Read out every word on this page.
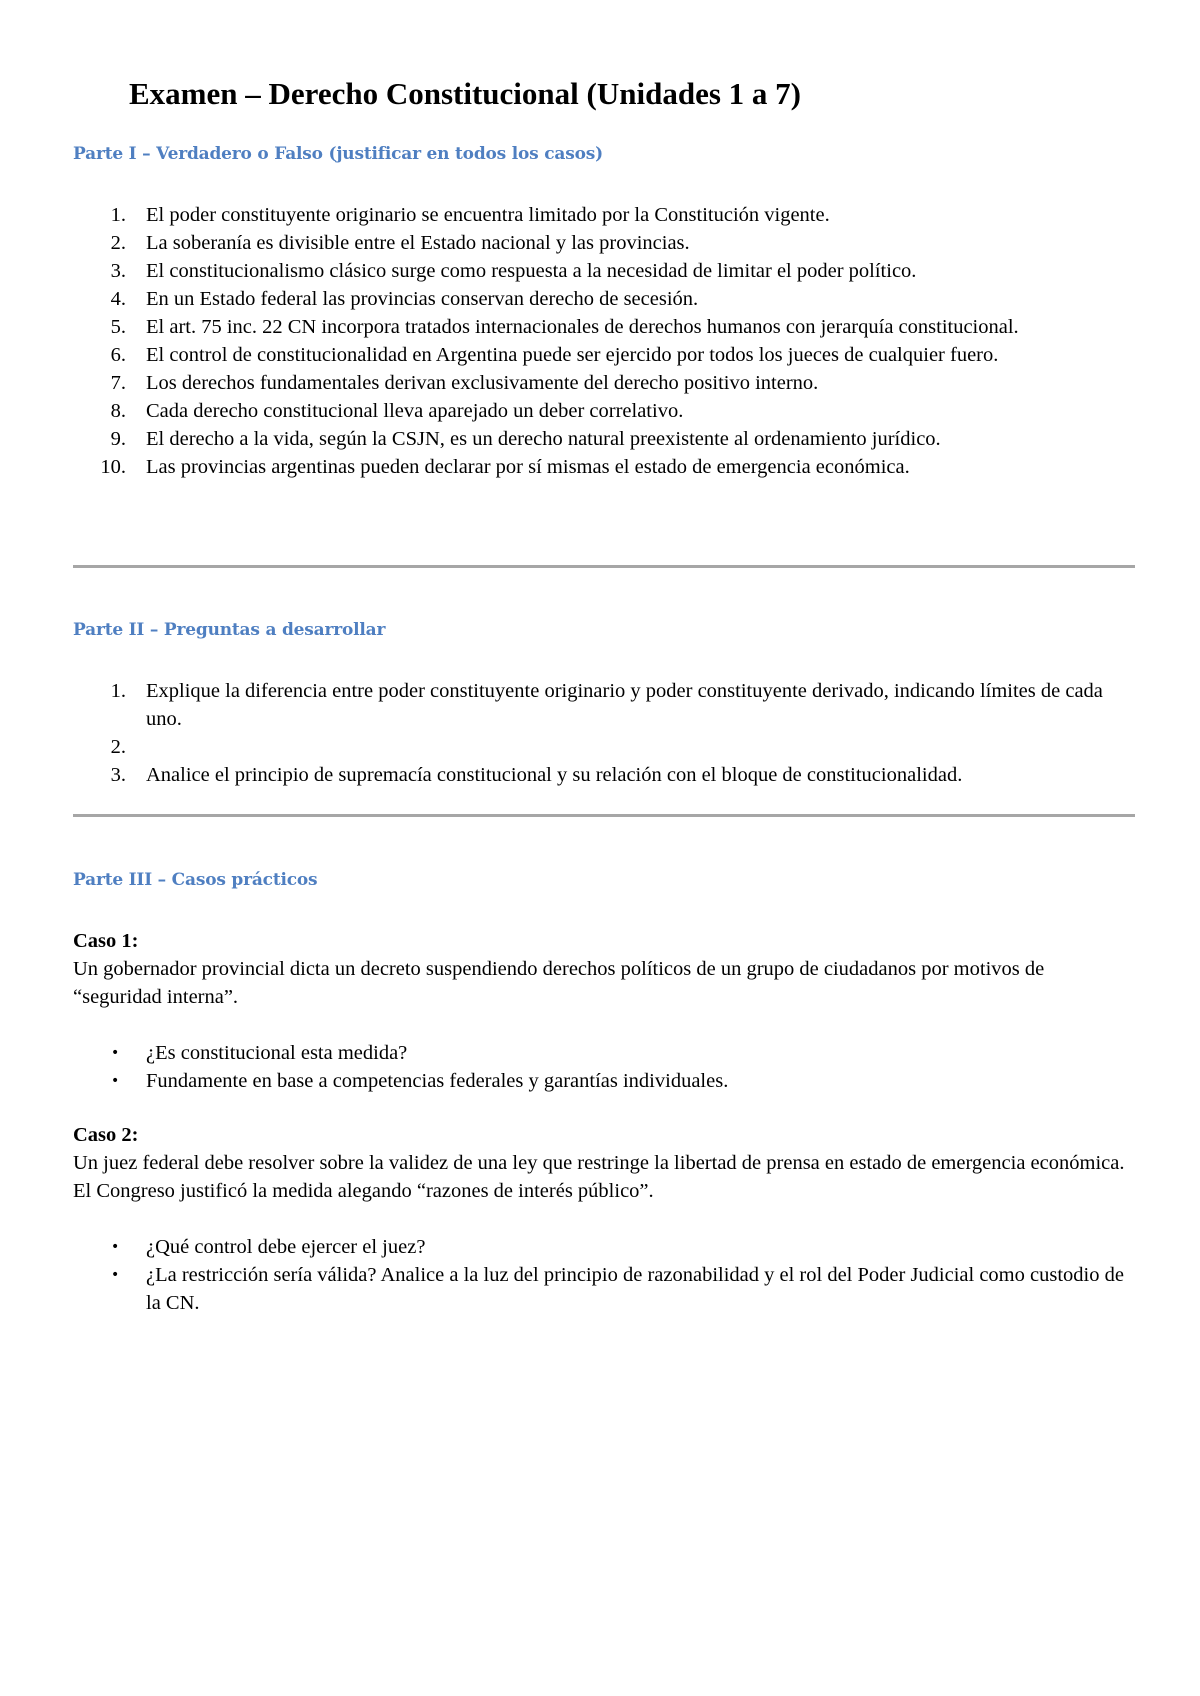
Examen – Derecho Constitucional (Unidades 1 a 7)
Parte I – Verdadero o Falso (justificar en todos los casos)
1. El poder constituyente originario se encuentra limitado por la Constitución vigente.
2. La soberanía es divisible entre el Estado nacional y las provincias.
3. El constitucionalismo clásico surge como respuesta a la necesidad de limitar el poder político.
4. En un Estado federal las provincias conservan derecho de secesión.
5. El art. 75 inc. 22 CN incorpora tratados internacionales de derechos humanos con jerarquía constitucional.
6. El control de constitucionalidad en Argentina puede ser ejercido por todos los jueces de cualquier fuero.
7. Los derechos fundamentales derivan exclusivamente del derecho positivo interno.
8. Cada derecho constitucional lleva aparejado un deber correlativo.
9. El derecho a la vida, según la CSJN, es un derecho natural preexistente al ordenamiento jurídico.
10. Las provincias argentinas pueden declarar por sí mismas el estado de emergencia económica.
Parte II – Preguntas a desarrollar
1. Explique la diferencia entre poder constituyente originario y poder constituyente derivado, indicando límites de cada uno.
2.
3. Analice el principio de supremacía constitucional y su relación con el bloque de constitucionalidad.
Parte III – Casos prácticos

Caso 1:

Un gobernador provincial dicta un decreto suspendiendo derechos políticos de un grupo de ciudadanos por motivos de “seguridad interna”.

• ¿Es constitucional esta medida?
• Fundamente en base a competencias federales y garantías individuales.

Caso 2:

Un juez federal debe resolver sobre la validez de una ley que restringe la libertad de prensa en estado de emergencia económica. El Congreso justificó la medida alegando “razones de interés público”.

• ¿Qué control debe ejercer el juez?
• ¿La restricción sería válida? Analice a la luz del principio de razonabilidad y el rol del Poder Judicial como custodio de la CN.
